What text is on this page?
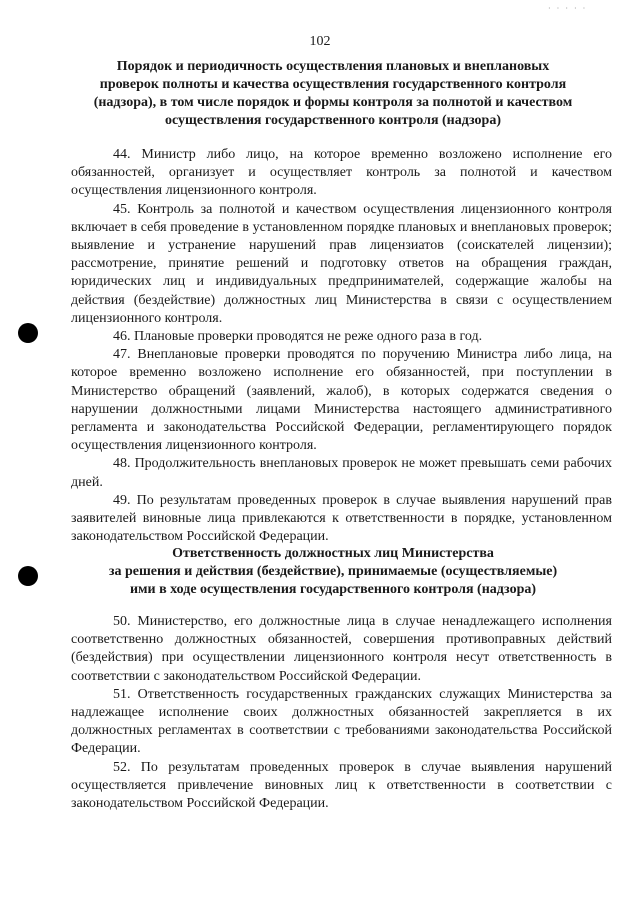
· · · · ·
102
Порядок и периодичность осуществления плановых и внеплановых
проверок полноты и качества осуществления государственного контроля
(надзора), в том числе порядок и формы контроля за полнотой и качеством
осуществления государственного контроля (надзора)

44. Министр либо лицо, на которое временно возложено исполнение его обязанностей, организует и осуществляет контроль за полнотой и качеством осуществления лицензионного контроля.

45. Контроль за полнотой и качеством осуществления лицензионного контроля включает в себя проведение в установленном порядке плановых и внеплановых проверок; выявление и устранение нарушений прав лицензиатов (соискателей лицензии); рассмотрение, принятие решений и подготовку ответов на обращения граждан, юридических лиц и индивидуальных предпринимателей, содержащие жалобы на действия (бездействие) должностных лиц Министерства в связи с осуществлением лицензионного контроля.

46. Плановые проверки проводятся не реже одного раза в год.

47. Внеплановые проверки проводятся по поручению Министра либо лица, на которое временно возложено исполнение его обязанностей, при поступлении в Министерство обращений (заявлений, жалоб), в которых содержатся сведения о нарушении должностными лицами Министерства настоящего административного регламента и законодательства Российской Федерации, регламентирующего порядок осуществления лицензионного контроля.

48. Продолжительность внеплановых проверок не может превышать семи рабочих дней.

49. По результатам проведенных проверок в случае выявления нарушений прав заявителей виновные лица привлекаются к ответственности в порядке, установленном законодательством Российской Федерации.

Ответственность должностных лиц Министерства
за решения и действия (бездействие), принимаемые (осуществляемые)
ими в ходе осуществления государственного контроля (надзора)

50. Министерство, его должностные лица в случае ненадлежащего исполнения соответственно должностных обязанностей, совершения противоправных действий (бездействия) при осуществлении лицензионного контроля несут ответственность в соответствии с законодательством Российской Федерации.

51. Ответственность государственных гражданских служащих Министерства за надлежащее исполнение своих должностных обязанностей закрепляется в их должностных регламентах в соответствии с требованиями законодательства Российской Федерации.

52. По результатам проведенных проверок в случае выявления нарушений осуществляется привлечение виновных лиц к ответственности в соответствии с законодательством Российской Федерации.
